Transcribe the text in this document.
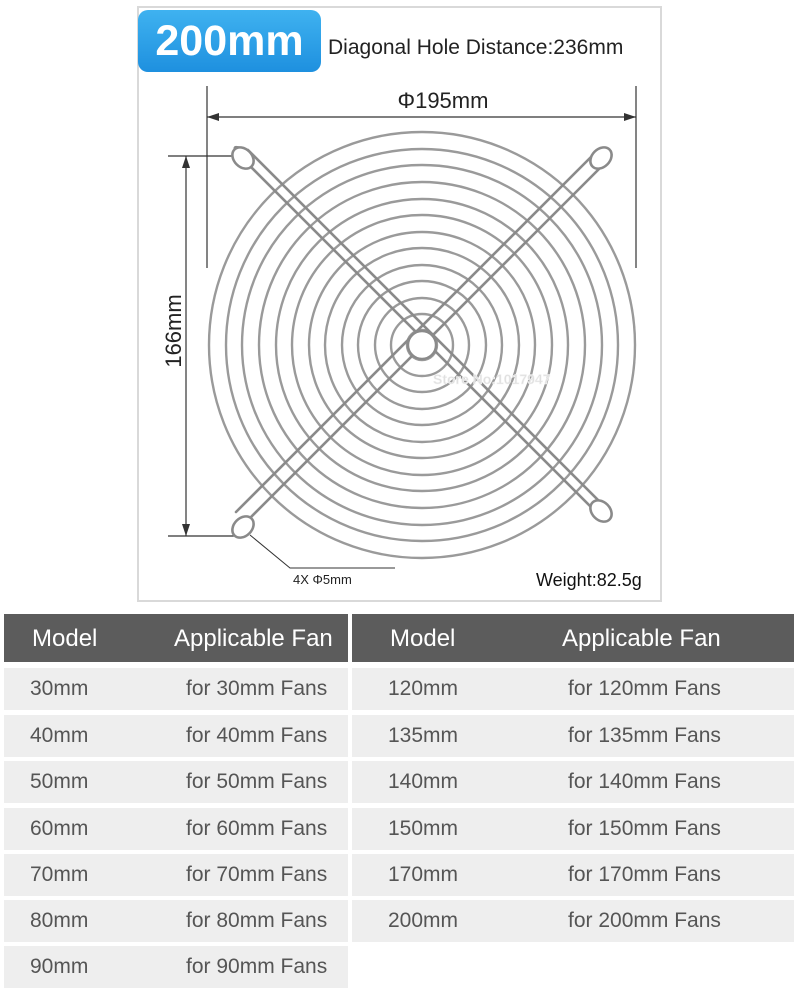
200mm	Diagonal Hole Distance:236mm
Φ195mm
166mm
4X Φ5mm
Store No:1017947
Weight:82.5g
Model	Applicable Fan Model	Applicable Fan
30mm	for 30mm Fans
40mm	for 40mm Fans
50mm	for 50mm Fans
60mm	for 60mm Fans
70mm	for 70mm Fans
80mm	for 80mm Fans
90mm	for 90mm Fans
120mm	for 120mm Fans
135mm	for 135mm Fans
140mm	for 140mm Fans
150mm	for 150mm Fans
170mm	for 170mm Fans
200mm	for 200mm Fans
